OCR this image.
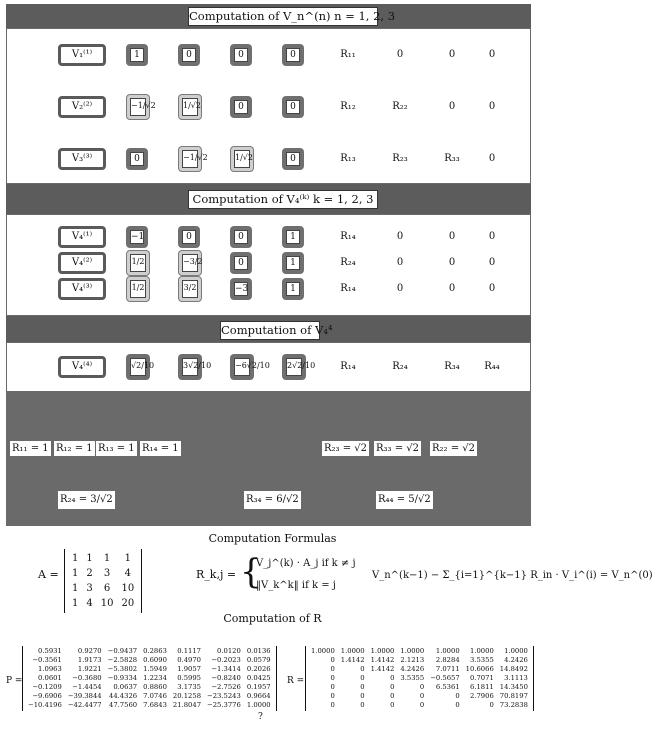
Computation of V_n^(n) n = 1, 2, 3
V₁⁽¹⁾	1	0	0	0	R₁₁	0	0	0
V₂⁽²⁾	−1/√2	1/√2	0	0	R₁₂	R₂₂	0	0
V₃⁽³⁾	0	−1/√2	1/√2	0	R₁₃	R₂₃	R₃₃	0
Computation of V₄⁽ᵏ⁾ k = 1, 2, 3
V₄⁽¹⁾	−1	0	0	1	R₁₄	0	0	0
V₄⁽²⁾	1/2	−3/2	0	1	R₂₄	0	0	0
V₄⁽³⁾	1/2	3/2	−3	1	R₁₄	0	0	0
Computation of V₄⁴
V₄⁽⁴⁾	√2/10	3√2/10	−6√2/10 2√2/10	R₁₄	R₂₄	R₃₄	R₄₄
R₁₁ = 1 R₁₂ = 1 R₁₃ = 1 R₁₄ = 1	R₂₃ = √2 R₃₃ = √2 R₂₂ = √2
R₂₄ = 3/√2	R₃₄ = 6/√2	R₄₄ = 5/√2
Computation Formulas
A =
1	1	1	1
1	2	3	4
1	3	6	10
1	4	10	20
R_k,j = {
V_j^(k) · A_j if k ≠ j
‖V_k^k‖ if k = j
V_n^(k−1) − Σ_{i=1}^{k−1} R_in · V_i^(i) = V_n^(0)
Computation of R
P =
0.5931	0.9270	−0.9437	0.2863	0.1117	0.0120	0.0136
−0.3561	1.9173	−2.5828	0.6090	0.4970	−0.2023	0.0579
1.0963	1.9221	−5.3802	1.5949	1.9057	−1.3414	0.2026
0.0601	−0.3680	−0.9334	1.2234	0.5995	−0.8240	0.0425
−0.1209	−1.4454	0.0637	0.8860	3.1735	−2.7526	0.1957
−9.6906	−39.3844	44.4326	7.0746	20.1258	−23.5243	0.9664
−10.4196	−42.4477	47.7560	7.6843	21.8047	−25.3776	1.0000
R =
1.0000	1.0000	1.0000	1.0000	1.0000	1.0000	1.0000
0	1.4142	1.4142	2.1213	2.8284	3.5355	4.2426
0	0	1.4142	4.2426	7.0711	10.6066	14.8492
0	0	0	3.5355	−0.5657	0.7071	3.1113
0	0	0	0	6.5361	6.1811	14.3450
0	0	0	0	0	2.7906	70.8197
0	0	0	0	0	0	73.2838
?
